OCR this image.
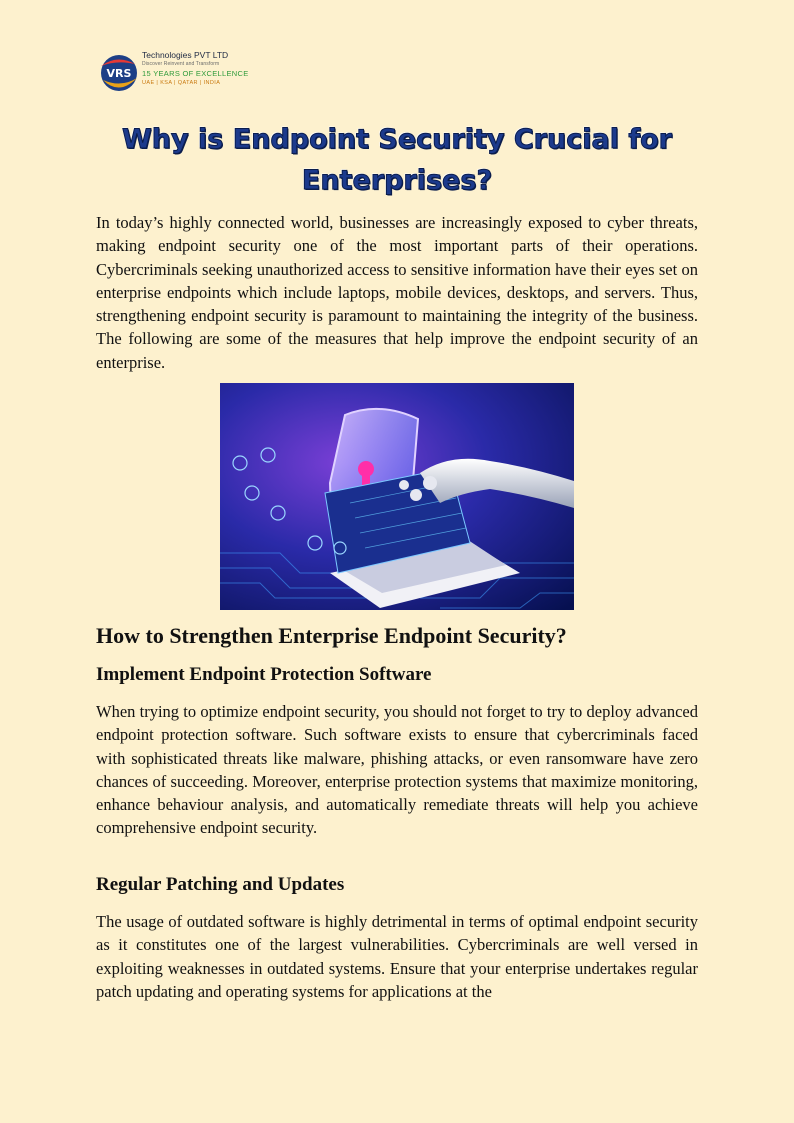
VRS
Technologies PVT LTD
Discover Reinvent and Transform
15 YEARS OF EXCELLENCE
UAE | KSA | QATAR | INDIA
Why is Endpoint Security Crucial for Enterprises?

In today’s highly connected world, businesses are increasingly exposed to cyber threats, making endpoint security one of the most important parts of their operations. Cybercriminals seeking unauthorized access to sensitive information have their eyes set on enterprise endpoints which include laptops, mobile devices, desktops, and servers. Thus, strengthening endpoint security is paramount to maintaining the integrity of the business. The following are some of the measures that help improve the endpoint security of an enterprise.

How to Strengthen Enterprise Endpoint Security?
Implement Endpoint Protection Software

When trying to optimize endpoint security, you should not forget to try to deploy advanced endpoint protection software. Such software exists to ensure that cybercriminals faced with sophisticated threats like malware, phishing attacks, or even ransomware have zero chances of succeeding. Moreover, enterprise protection systems that maximize monitoring, enhance behaviour analysis, and automatically remediate threats will help you achieve comprehensive endpoint security.

Regular Patching and Updates

The usage of outdated software is highly detrimental in terms of optimal endpoint security as it constitutes one of the largest vulnerabilities. Cybercriminals are well versed in exploiting weaknesses in outdated systems. Ensure that your enterprise undertakes regular patch updating and operating systems for applications at the
